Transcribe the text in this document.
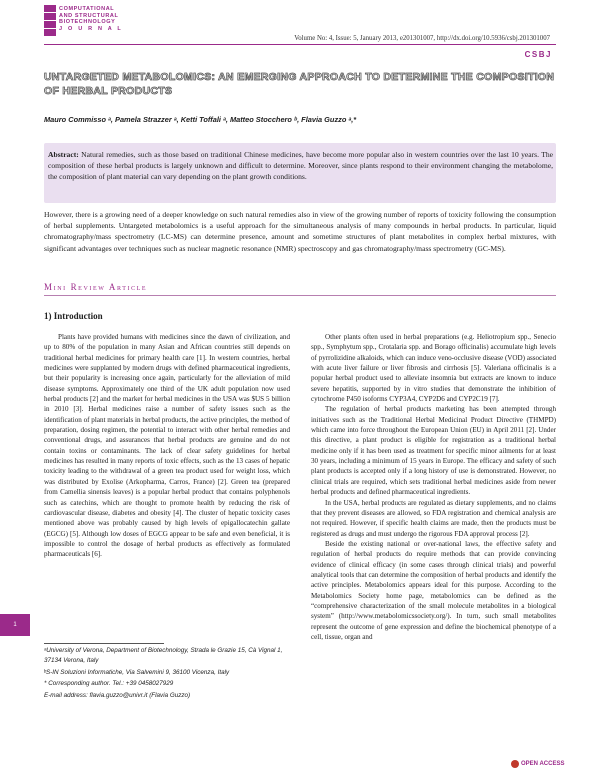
COMPUTATIONAL
AND STRUCTURAL
BIOTECHNOLOGY
J O U R N A L
Volume No: 4, Issue: 5, January 2013, e201301007, http://dx.doi.org/10.5936/csbj.201301007
CSBJ
UNTARGETED METABOLOMICS: AN EMERGING APPROACH TO DETERMINE THE COMPOSITION OF HERBAL PRODUCTS
Mauro Commisso ᵃ, Pamela Strazzer ᵃ, Ketti Toffali ᵃ, Matteo Stocchero ᵇ, Flavia Guzzo ᵃ,*
Abstract: Natural remedies, such as those based on traditional Chinese medicines, have become more popular also in western countries over the last 10 years. The composition of these herbal products is largely unknown and difficult to determine. Moreover, since plants respond to their environment changing the metabolome, the composition of plant material can vary depending on the plant growth conditions.
However, there is a growing need of a deeper knowledge on such natural remedies also in view of the growing number of reports of toxicity following the consumption of herbal supplements. Untargeted metabolomics is a useful approach for the simultaneous analysis of many compounds in herbal products. In particular, liquid chromatography/mass spectrometry (LC-MS) can determine presence, amount and sometime structures of plant metabolites in complex herbal mixtures, with significant advantages over techniques such as nuclear magnetic resonance (NMR) spectroscopy and gas chromatography/mass spectrometry (GC-MS).
Mini Review Article
1) Introduction

Plants have provided humans with medicines since the dawn of civilization, and up to 80% of the population in many Asian and African countries still depends on traditional herbal medicines for primary health care [1]. In western countries, herbal medicines were supplanted by modern drugs with defined pharmaceutical ingredients, but their popularity is increasing once again, particularly for the alleviation of mild disease symptoms. Approximately one third of the UK adult population now used herbal products [2] and the market for herbal medicines in the USA was $US 5 billion in 2010 [3]. Herbal medicines raise a number of safety issues such as the identification of plant materials in herbal products, the active principles, the method of preparation, dosing regimen, the potential to interact with other herbal remedies and conventional drugs, and assurances that herbal products are genuine and do not contain toxins or contaminants. The lack of clear safety guidelines for herbal medicines has resulted in many reports of toxic effects, such as the 13 cases of hepatic toxicity leading to the withdrawal of a green tea product used for weight loss, which was distributed by Exolise (Arkopharma, Carros, France) [2]. Green tea (prepared from Camellia sinensis leaves) is a popular herbal product that contains polyphenols such as catechins, which are thought to promote health by reducing the risk of cardiovascular disease, diabetes and obesity [4]. The cluster of hepatic toxicity cases mentioned above was probably caused by high levels of epigallocatechin gallate (EGCG) [5]. Although low doses of EGCG appear to be safe and even beneficial, it is impossible to control the dosage of herbal products as effectively as formulated pharmaceuticals [6].

Other plants often used in herbal preparations (e.g. Heliotropium spp., Senecio spp., Symphytum spp., Crotalaria spp. and Borago officinalis) accumulate high levels of pyrrolizidine alkaloids, which can induce veno-occlusive disease (VOD) associated with acute liver failure or liver fibrosis and cirrhosis [5]. Valeriana officinalis is a popular herbal product used to alleviate insomnia but extracts are known to induce severe hepatitis, supported by in vitro studies that demonstrate the inhibition of cytochrome P450 isoforms CYP3A4, CYP2D6 and CYP2C19 [7].

The regulation of herbal products marketing has been attempted through initiatives such as the Traditional Herbal Medicinal Product Directive (THMPD) which came into force throughout the European Union (EU) in April 2011 [2]. Under this directive, a plant product is eligible for registration as a traditional herbal medicine only if it has been used as treatment for specific minor ailments for at least 30 years, including a minimum of 15 years in Europe. The efficacy and safety of such plant products is accepted only if a long history of use is demonstrated. However, no clinical trials are required, which sets traditional herbal medicines aside from newer herbal products and defined pharmaceutical ingredients.

In the USA, herbal products are regulated as dietary supplements, and no claims that they prevent diseases are allowed, so FDA registration and chemical analysis are not required. However, if specific health claims are made, then the products must be registered as drugs and must undergo the rigorous FDA approval process [2].

Beside the existing national or over-national laws, the effective safety and regulation of herbal products do require methods that can provide convincing evidence of clinical efficacy (in some cases through clinical trials) and powerful analytical tools that can determine the composition of herbal products and identify the active principles. Metabolomics appears ideal for this purpose. According to the Metabolomics Society home page, metabolomics can be defined as the “comprehensive characterization of the small molecule metabolites in a biological system” (http://www.metabolomicssociety.org/). In turn, such small metabolites represent the outcome of gene expression and define the biochemical phenotype of a cell, tissue, organ and

1

ᵃUniversity of Verona, Department of Biotechnology, Strada le Grazie 15, Cà Vignal 1, 37134 Verona, Italy

ᵇS-IN Soluzioni Informatiche, Via Salvemini 9, 36100 Vicenza, Italy

* Corresponding author. Tel.: +39 0458027929

E-mail address: flavia.guzzo@univr.it (Flavia Guzzo)

OPEN ACCESS
